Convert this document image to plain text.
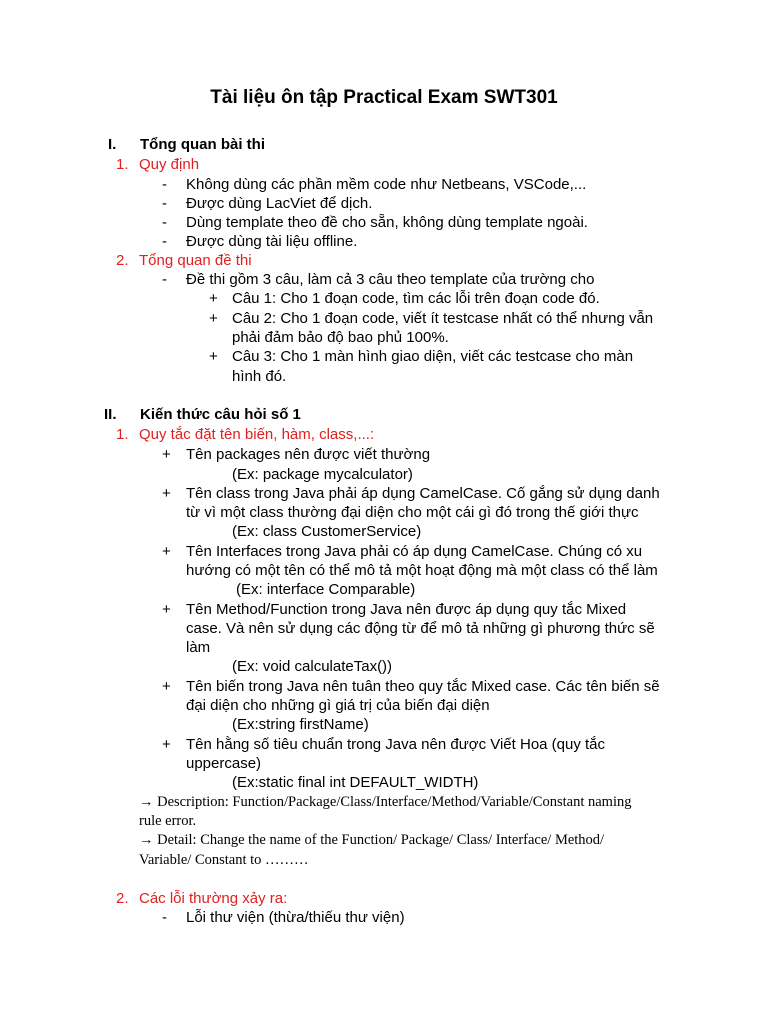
Tài liệu ôn tập Practical Exam SWT301
I. Tổng quan bài thi
1. Quy định
- Không dùng các phần mềm code như Netbeans, VSCode,...
- Được dùng LacViet để dịch.
- Dùng template theo đề cho sẵn, không dùng template ngoài.
- Được dùng tài liệu offline.
2. Tổng quan đề thi
- Đề thi gồm 3 câu, làm cả 3 câu theo template của trường cho
+ Câu 1: Cho 1 đoạn code, tìm các lỗi trên đoạn code đó.
+ Câu 2: Cho 1 đoạn code, viết ít testcase nhất có thể nhưng vẫn
phải đảm bảo độ bao phủ 100%.
+ Câu 3: Cho 1 màn hình giao diện, viết các testcase cho màn
hình đó.
II. Kiến thức câu hỏi số 1
1. Quy tắc đặt tên biến, hàm, class,...:
+ Tên packages nên được viết thường
(Ex: package mycalculator)
+ Tên class trong Java phải áp dụng CamelCase. Cố gắng sử dụng danh
từ vì một class thường đại diện cho một cái gì đó trong thế giới thực
(Ex: class CustomerService)
+ Tên Interfaces trong Java phải có áp dụng CamelCase. Chúng có xu
hướng có một tên có thể mô tả một hoạt động mà một class có thể làm
(Ex: interface Comparable)
+ Tên Method/Function trong Java nên được áp dụng quy tắc Mixed
case. Và nên sử dụng các động từ để mô tả những gì phương thức sẽ
làm
(Ex: void calculateTax())
+ Tên biến trong Java nên tuân theo quy tắc Mixed case. Các tên biến sẽ
đại diện cho những gì giá trị của biến đại diện
(Ex:string firstName)
+ Tên hằng số tiêu chuẩn trong Java nên được Viết Hoa (quy tắc
uppercase)
(Ex:static final int DEFAULT_WIDTH)
→ Description: Function/Package/Class/Interface/Method/Variable/Constant naming
rule error.
→ Detail: Change the name of the Function/ Package/ Class/ Interface/ Method/
Variable/ Constant to ………
2. Các lỗi thường xảy ra:
- Lỗi thư viện (thừa/thiếu thư viện)
